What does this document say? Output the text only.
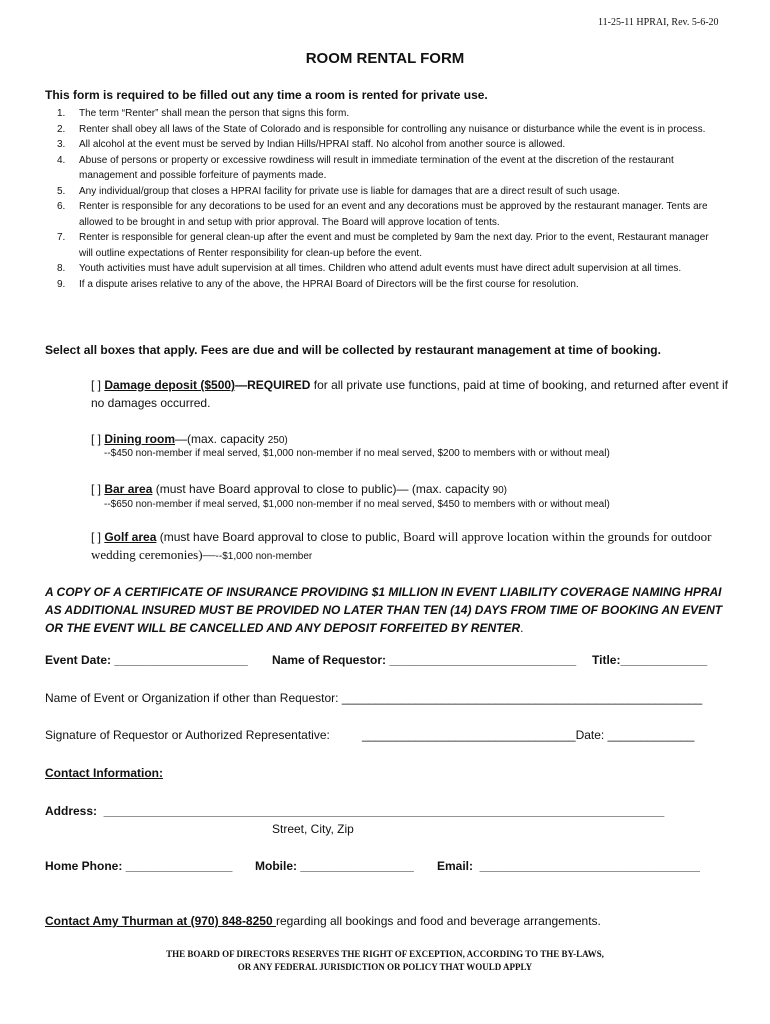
11-25-11 HPRAI, Rev. 5-6-20
ROOM RENTAL FORM
This form is required to be filled out any time a room is rented for private use.
1. The term “Renter” shall mean the person that signs this form.
2. Renter shall obey all laws of the State of Colorado and is responsible for controlling any nuisance or disturbance while the event is in process.
3. All alcohol at the event must be served by Indian Hills/HPRAI staff. No alcohol from another source is allowed.
4. Abuse of persons or property or excessive rowdiness will result in immediate termination of the event at the discretion of the restaurant management and possible forfeiture of payments made.
5. Any individual/group that closes a HPRAI facility for private use is liable for damages that are a direct result of such usage.
6. Renter is responsible for any decorations to be used for an event and any decorations must be approved by the restaurant manager. Tents are allowed to be brought in and setup with prior approval. The Board will approve location of tents.
7. Renter is responsible for general clean-up after the event and must be completed by 9am the next day. Prior to the event, Restaurant manager will outline expectations of Renter responsibility for clean-up before the event.
8. Youth activities must have adult supervision at all times. Children who attend adult events must have direct adult supervision at all times.
9. If a dispute arises relative to any of the above, the HPRAI Board of Directors will be the first course for resolution.
Select all boxes that apply. Fees are due and will be collected by restaurant management at time of booking.
[ ] Damage deposit ($500)—REQUIRED for all private use functions, paid at time of booking, and returned after event if no damages occurred.
[ ] Dining room—(max. capacity 250)
--$450 non-member if meal served, $1,000 non-member if no meal served, $200 to members with or without meal)
[ ] Bar area (must have Board approval to close to public)— (max. capacity 90)
--$650 non-member if meal served, $1,000 non-member if no meal served, $450 to members with or without meal)
[ ] Golf area (must have Board approval to close to public, Board will approve location within the grounds for outdoor wedding ceremonies)—--$1,000 non-member
A COPY OF A CERTIFICATE OF INSURANCE PROVIDING $1 MILLION IN EVENT LIABILITY COVERAGE NAMING HPRAI AS ADDITIONAL INSURED MUST BE PROVIDED NO LATER THAN TEN (14) DAYS FROM TIME OF BOOKING AN EVENT OR THE EVENT WILL BE CANCELLED AND ANY DEPOSIT FORFEITED BY RENTER.
Event Date: ____________________ Name of Requestor: ____________________________ Title:_____________
Name of Event or Organization if other than Requestor: ______________________________________________________
Signature of Requestor or Authorized Representative:	________________________________Date: _____________
Contact Information:
Address:  ____________________________________________________________________________________
Street, City, Zip
Home Phone: ________________ Mobile: _________________ Email:  _________________________________
Contact Amy Thurman at (970) 848-8250 regarding all bookings and food and beverage arrangements.
THE BOARD OF DIRECTORS RESERVES THE RIGHT OF EXCEPTION, ACCORDING TO THE BY-LAWS,
OR ANY FEDERAL JURISDICTION OR POLICY THAT WOULD APPLY
